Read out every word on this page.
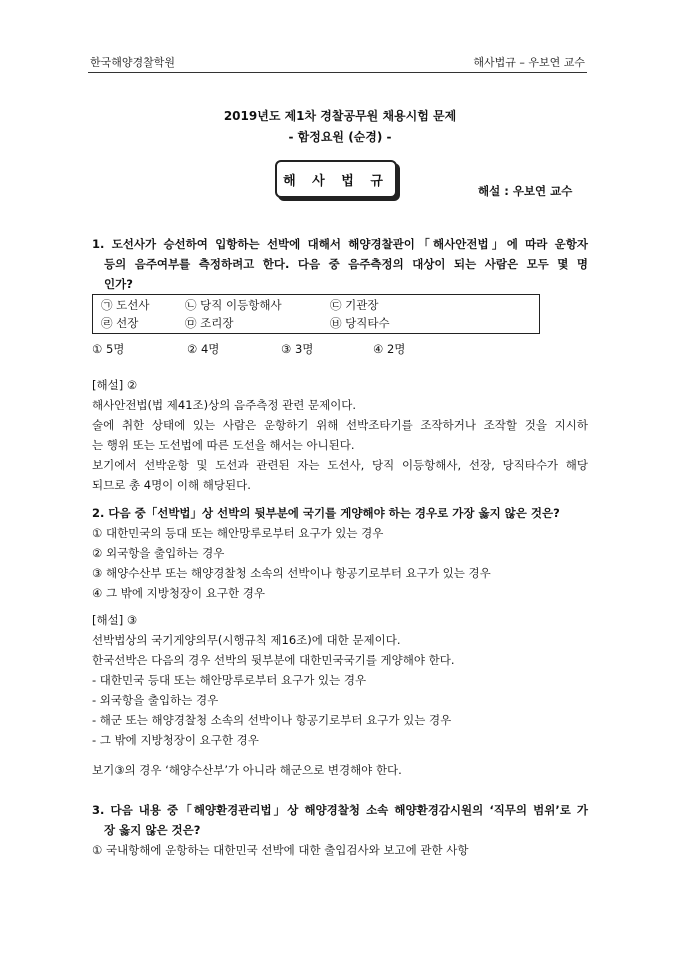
한국해양경찰학원	해사법규 – 우보연 교수
2019년도 제1차 경찰공무원 채용시험 문제
- 함정요원 (순경) -
해 사 법 규
해설 : 우보연 교수
1. 도선사가 승선하여 입항하는 선박에 대해서 해양경찰관이「해사안전법」에 따라 운항자
등의 음주여부를 측정하려고 한다. 다음 중 음주측정의 대상이 되는 사람은 모두 몇 명
인가?
㉠ 도선사	㉡ 당직 이등항해사	㉢ 기관장
㉣ 선장	㉤ 조리장	㉥ 당직타수
① 5명	② 4명	③ 3명	④ 2명
[해설] ②
해사안전법(법 제41조)상의 음주측정 관련 문제이다.
술에 취한 상태에 있는 사람은 운항하기 위해 선박조타기를 조작하거나 조작할 것을 지시하
는 행위 또는 도선법에 따른 도선을 해서는 아니된다.
보기에서 선박운항 및 도선과 관련된 자는 도선사, 당직 이등항해사, 선장, 당직타수가 해당
되므로 총 4명이 이해 해당된다.
2. 다음 중「선박법」상 선박의 뒷부분에 국기를 게양해야 하는 경우로 가장 옳지 않은 것은?
① 대한민국의 등대 또는 해안망루로부터 요구가 있는 경우
② 외국항을 출입하는 경우
③ 해양수산부 또는 해양경찰청 소속의 선박이나 항공기로부터 요구가 있는 경우
④ 그 밖에 지방청장이 요구한 경우
[해설] ③
선박법상의 국기게양의무(시행규칙 제16조)에 대한 문제이다.
한국선박은 다음의 경우 선박의 뒷부분에 대한민국국기를 게양해야 한다.
- 대한민국 등대 또는 해안망루로부터 요구가 있는 경우
- 외국항을 출입하는 경우
- 해군 또는 해양경찰청 소속의 선박이나 항공기로부터 요구가 있는 경우
- 그 밖에 지방청장이 요구한 경우
보기③의 경우 ‘해양수산부’가 아니라 해군으로 변경해야 한다.
3. 다음 내용 중「해양환경관리법」상 해양경찰청 소속 해양환경감시원의 ‘직무의 범위’로 가
장 옳지 않은 것은?
① 국내항해에 운항하는 대한민국 선박에 대한 출입검사와 보고에 관한 사항
